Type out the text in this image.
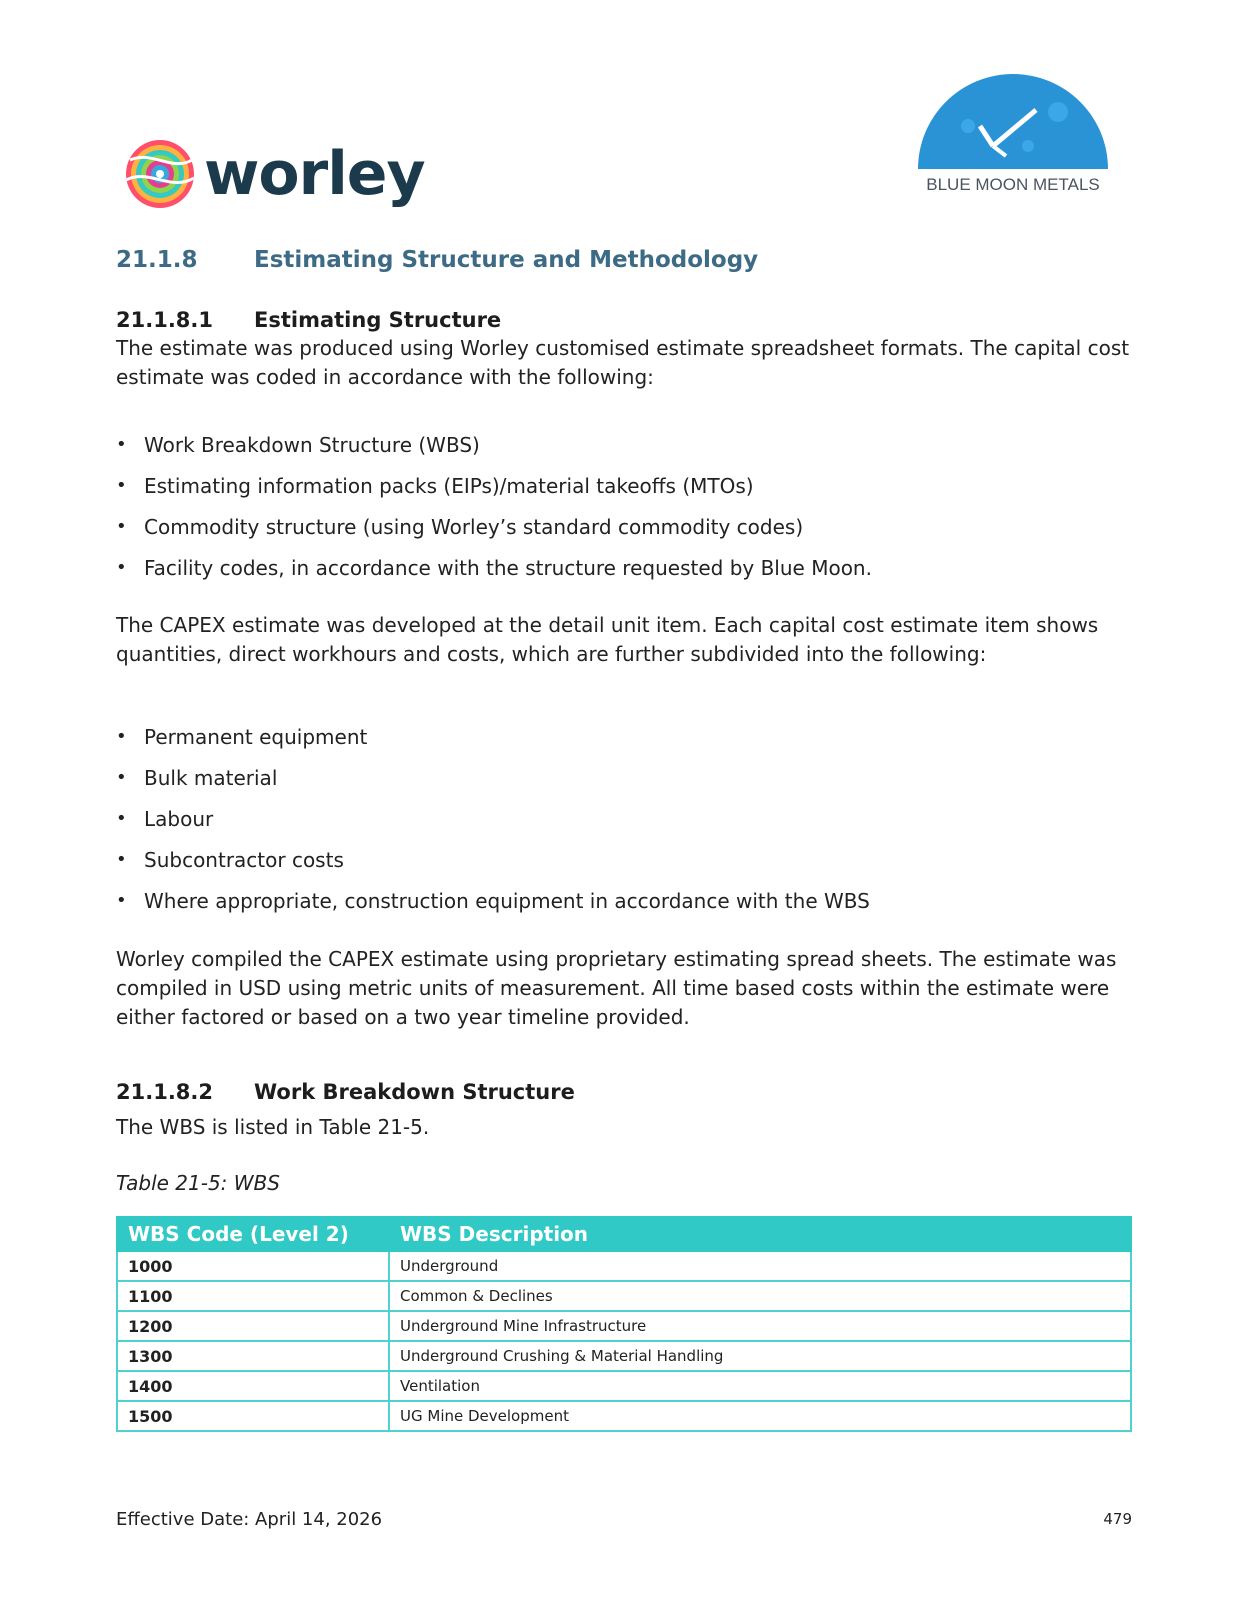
worley	BLUE MOON METALS
21.1.8 Estimating Structure and Methodology
21.1.8.1 Estimating Structure

The estimate was produced using Worley customised estimate spreadsheet formats. The capital cost estimate was coded in accordance with the following:

• Work Breakdown Structure (WBS)
• Estimating information packs (EIPs)/material takeoffs (MTOs)
• Commodity structure (using Worley’s standard commodity codes)
• Facility codes, in accordance with the structure requested by Blue Moon.

The CAPEX estimate was developed at the detail unit item. Each capital cost estimate item shows quantities, direct workhours and costs, which are further subdivided into the following:

• Permanent equipment
• Bulk material
• Labour
• Subcontractor costs
• Where appropriate, construction equipment in accordance with the WBS

Worley compiled the CAPEX estimate using proprietary estimating spread sheets. The estimate was compiled in USD using metric units of measurement. All time based costs within the estimate were either factored or based on a two year timeline provided.

21.1.8.2 Work Breakdown Structure

The WBS is listed in Table 21-5.

Table 21-5: WBS
WBS Code (Level 2)	WBS Description
1000	Underground
1100	Common & Declines
1200	Underground Mine Infrastructure
1300	Underground Crushing & Material Handling
1400	Ventilation
1500	UG Mine Development
Effective Date: April 14, 2026	479
